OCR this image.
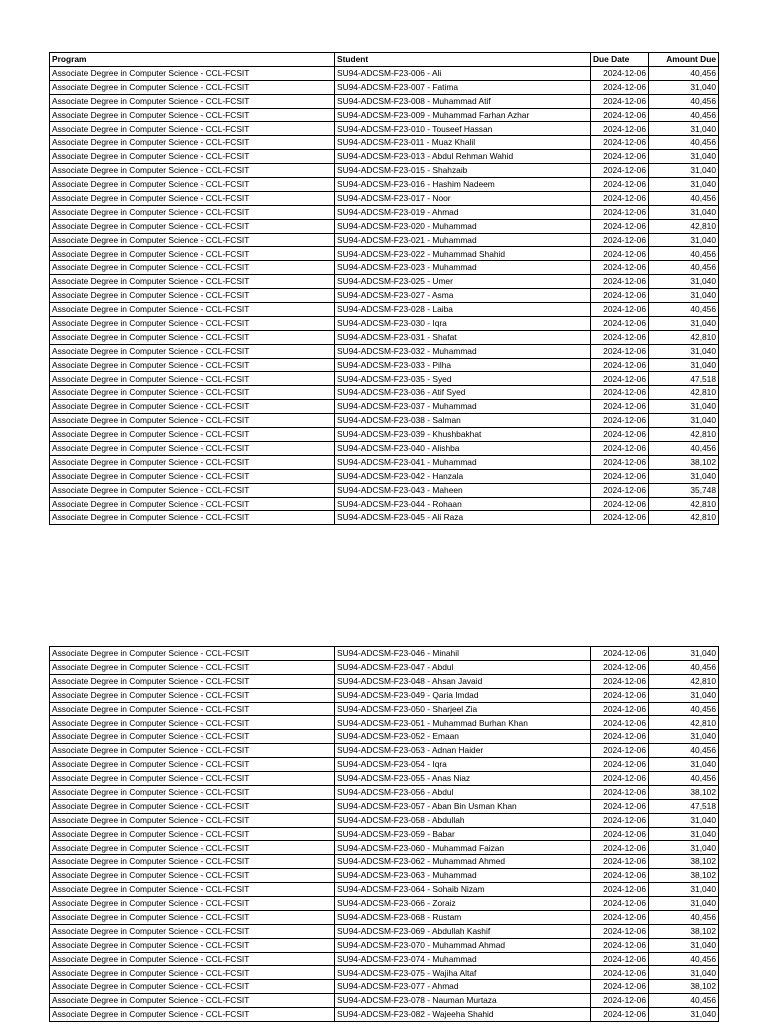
Program	Student	Due Date	Amount Due
Associate Degree in Computer Science - CCL-FCSIT	SU94-ADCSM-F23-006 - Ali	2024-12-06	40,456
Associate Degree in Computer Science - CCL-FCSIT	SU94-ADCSM-F23-007 - Fatima	2024-12-06	31,040
Associate Degree in Computer Science - CCL-FCSIT	SU94-ADCSM-F23-008 - Muhammad Atif	2024-12-06	40,456
Associate Degree in Computer Science - CCL-FCSIT	SU94-ADCSM-F23-009 - Muhammad Farhan Azhar	2024-12-06	40,456
Associate Degree in Computer Science - CCL-FCSIT	SU94-ADCSM-F23-010 - Touseef Hassan	2024-12-06	31,040
Associate Degree in Computer Science - CCL-FCSIT	SU94-ADCSM-F23-011 - Muaz Khalil	2024-12-06	40,456
Associate Degree in Computer Science - CCL-FCSIT	SU94-ADCSM-F23-013 - Abdul Rehman Wahid	2024-12-06	31,040
Associate Degree in Computer Science - CCL-FCSIT	SU94-ADCSM-F23-015 - Shahzaib	2024-12-06	31,040
Associate Degree in Computer Science - CCL-FCSIT	SU94-ADCSM-F23-016 - Hashim Nadeem	2024-12-06	31,040
Associate Degree in Computer Science - CCL-FCSIT	SU94-ADCSM-F23-017 - Noor	2024-12-06	40,456
Associate Degree in Computer Science - CCL-FCSIT	SU94-ADCSM-F23-019 - Ahmad	2024-12-06	31,040
Associate Degree in Computer Science - CCL-FCSIT	SU94-ADCSM-F23-020 - Muhammad	2024-12-06	42,810
Associate Degree in Computer Science - CCL-FCSIT	SU94-ADCSM-F23-021 - Muhammad	2024-12-06	31,040
Associate Degree in Computer Science - CCL-FCSIT	SU94-ADCSM-F23-022 - Muhammad Shahid	2024-12-06	40,456
Associate Degree in Computer Science - CCL-FCSIT	SU94-ADCSM-F23-023 - Muhammad	2024-12-06	40,456
Associate Degree in Computer Science - CCL-FCSIT	SU94-ADCSM-F23-025 - Umer	2024-12-06	31,040
Associate Degree in Computer Science - CCL-FCSIT	SU94-ADCSM-F23-027 - Asma	2024-12-06	31,040
Associate Degree in Computer Science - CCL-FCSIT	SU94-ADCSM-F23-028 - Laiba	2024-12-06	40,456
Associate Degree in Computer Science - CCL-FCSIT	SU94-ADCSM-F23-030 - Iqra	2024-12-06	31,040
Associate Degree in Computer Science - CCL-FCSIT	SU94-ADCSM-F23-031 - Shafat	2024-12-06	42,810
Associate Degree in Computer Science - CCL-FCSIT	SU94-ADCSM-F23-032 - Muhammad	2024-12-06	31,040
Associate Degree in Computer Science - CCL-FCSIT	SU94-ADCSM-F23-033 - Pilha	2024-12-06	31,040
Associate Degree in Computer Science - CCL-FCSIT	SU94-ADCSM-F23-035 - Syed	2024-12-06	47,518
Associate Degree in Computer Science - CCL-FCSIT	SU94-ADCSM-F23-036 - Atif Syed	2024-12-06	42,810
Associate Degree in Computer Science - CCL-FCSIT	SU94-ADCSM-F23-037 - Muhammad	2024-12-06	31,040
Associate Degree in Computer Science - CCL-FCSIT	SU94-ADCSM-F23-038 - Salman	2024-12-06	31,040
Associate Degree in Computer Science - CCL-FCSIT	SU94-ADCSM-F23-039 - Khushbakhat	2024-12-06	42,810
Associate Degree in Computer Science - CCL-FCSIT	SU94-ADCSM-F23-040 - Alishba	2024-12-06	40,456
Associate Degree in Computer Science - CCL-FCSIT	SU94-ADCSM-F23-041 - Muhammad	2024-12-06	38,102
Associate Degree in Computer Science - CCL-FCSIT	SU94-ADCSM-F23-042 - Hanzala	2024-12-06	31,040
Associate Degree in Computer Science - CCL-FCSIT	SU94-ADCSM-F23-043 - Maheen	2024-12-06	35,748
Associate Degree in Computer Science - CCL-FCSIT	SU94-ADCSM-F23-044 - Rohaan	2024-12-06	42,810
Associate Degree in Computer Science - CCL-FCSIT	SU94-ADCSM-F23-045 - Ali Raza	2024-12-06	42,810
Associate Degree in Computer Science - CCL-FCSIT	SU94-ADCSM-F23-046 - Minahil	2024-12-06	31,040
Associate Degree in Computer Science - CCL-FCSIT	SU94-ADCSM-F23-047 - Abdul	2024-12-06	40,456
Associate Degree in Computer Science - CCL-FCSIT	SU94-ADCSM-F23-048 - Ahsan Javaid	2024-12-06	42,810
Associate Degree in Computer Science - CCL-FCSIT	SU94-ADCSM-F23-049 - Qaria Imdad	2024-12-06	31,040
Associate Degree in Computer Science - CCL-FCSIT	SU94-ADCSM-F23-050 - Sharjeel Zia	2024-12-06	40,456
Associate Degree in Computer Science - CCL-FCSIT	SU94-ADCSM-F23-051 - Muhammad Burhan Khan	2024-12-06	42,810
Associate Degree in Computer Science - CCL-FCSIT	SU94-ADCSM-F23-052 - Emaan	2024-12-06	31,040
Associate Degree in Computer Science - CCL-FCSIT	SU94-ADCSM-F23-053 - Adnan Haider	2024-12-06	40,456
Associate Degree in Computer Science - CCL-FCSIT	SU94-ADCSM-F23-054 - Iqra	2024-12-06	31,040
Associate Degree in Computer Science - CCL-FCSIT	SU94-ADCSM-F23-055 - Anas Niaz	2024-12-06	40,456
Associate Degree in Computer Science - CCL-FCSIT	SU94-ADCSM-F23-056 - Abdul	2024-12-06	38,102
Associate Degree in Computer Science - CCL-FCSIT	SU94-ADCSM-F23-057 - Aban Bin Usman Khan	2024-12-06	47,518
Associate Degree in Computer Science - CCL-FCSIT	SU94-ADCSM-F23-058 - Abdullah	2024-12-06	31,040
Associate Degree in Computer Science - CCL-FCSIT	SU94-ADCSM-F23-059 - Babar	2024-12-06	31,040
Associate Degree in Computer Science - CCL-FCSIT	SU94-ADCSM-F23-060 - Muhammad Faizan	2024-12-06	31,040
Associate Degree in Computer Science - CCL-FCSIT	SU94-ADCSM-F23-062 - Muhammad Ahmed	2024-12-06	38,102
Associate Degree in Computer Science - CCL-FCSIT	SU94-ADCSM-F23-063 - Muhammad	2024-12-06	38,102
Associate Degree in Computer Science - CCL-FCSIT	SU94-ADCSM-F23-064 - Sohaib Nizam	2024-12-06	31,040
Associate Degree in Computer Science - CCL-FCSIT	SU94-ADCSM-F23-066 - Zoraiz	2024-12-06	31,040
Associate Degree in Computer Science - CCL-FCSIT	SU94-ADCSM-F23-068 - Rustam	2024-12-06	40,456
Associate Degree in Computer Science - CCL-FCSIT	SU94-ADCSM-F23-069 - Abdullah Kashif	2024-12-06	38,102
Associate Degree in Computer Science - CCL-FCSIT	SU94-ADCSM-F23-070 - Muhammad Ahmad	2024-12-06	31,040
Associate Degree in Computer Science - CCL-FCSIT	SU94-ADCSM-F23-074 - Muhammad	2024-12-06	40,456
Associate Degree in Computer Science - CCL-FCSIT	SU94-ADCSM-F23-075 - Wajiha Altaf	2024-12-06	31,040
Associate Degree in Computer Science - CCL-FCSIT	SU94-ADCSM-F23-077 - Ahmad	2024-12-06	38,102
Associate Degree in Computer Science - CCL-FCSIT	SU94-ADCSM-F23-078 - Nauman Murtaza	2024-12-06	40,456
Associate Degree in Computer Science - CCL-FCSIT	SU94-ADCSM-F23-082 - Wajeeha Shahid	2024-12-06	31,040
